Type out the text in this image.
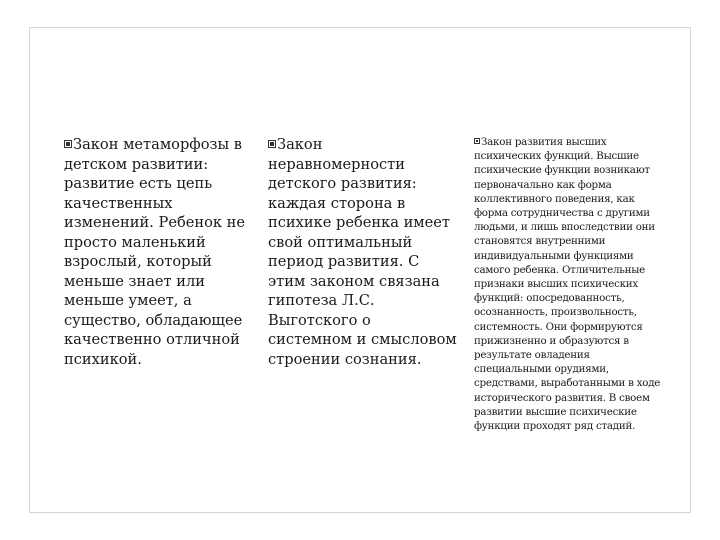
Закон метаморфозы в детском развитии: развитие есть цепь качественных изменений. Ребенок не просто маленький взрослый, который меньше знает или меньше умеет, а существо, обладающее качественно отличной психикой.
Закон неравномерности детского развития: каждая сторона в психике ребенка имеет свой оптимальный период развития. С этим законом связана гипотеза Л.С. Выготского о системном и смысловом строении сознания.
Закон развития высших психических функций. Высшие психические функции возникают первоначально как форма коллективного поведения, как форма сотрудничества с другими людьми, и лишь впоследствии они становятся внутренними индивидуальными функциями самого ребенка. Отличительные признаки высших психических функций: опосредованность, осознанность, произвольность, системность. Они формируются прижизненно и образуются в результате овладения специальными орудиями, средствами, выработанными в ходе исторического развития. В своем развитии высшие психические функции проходят ряд стадий.
